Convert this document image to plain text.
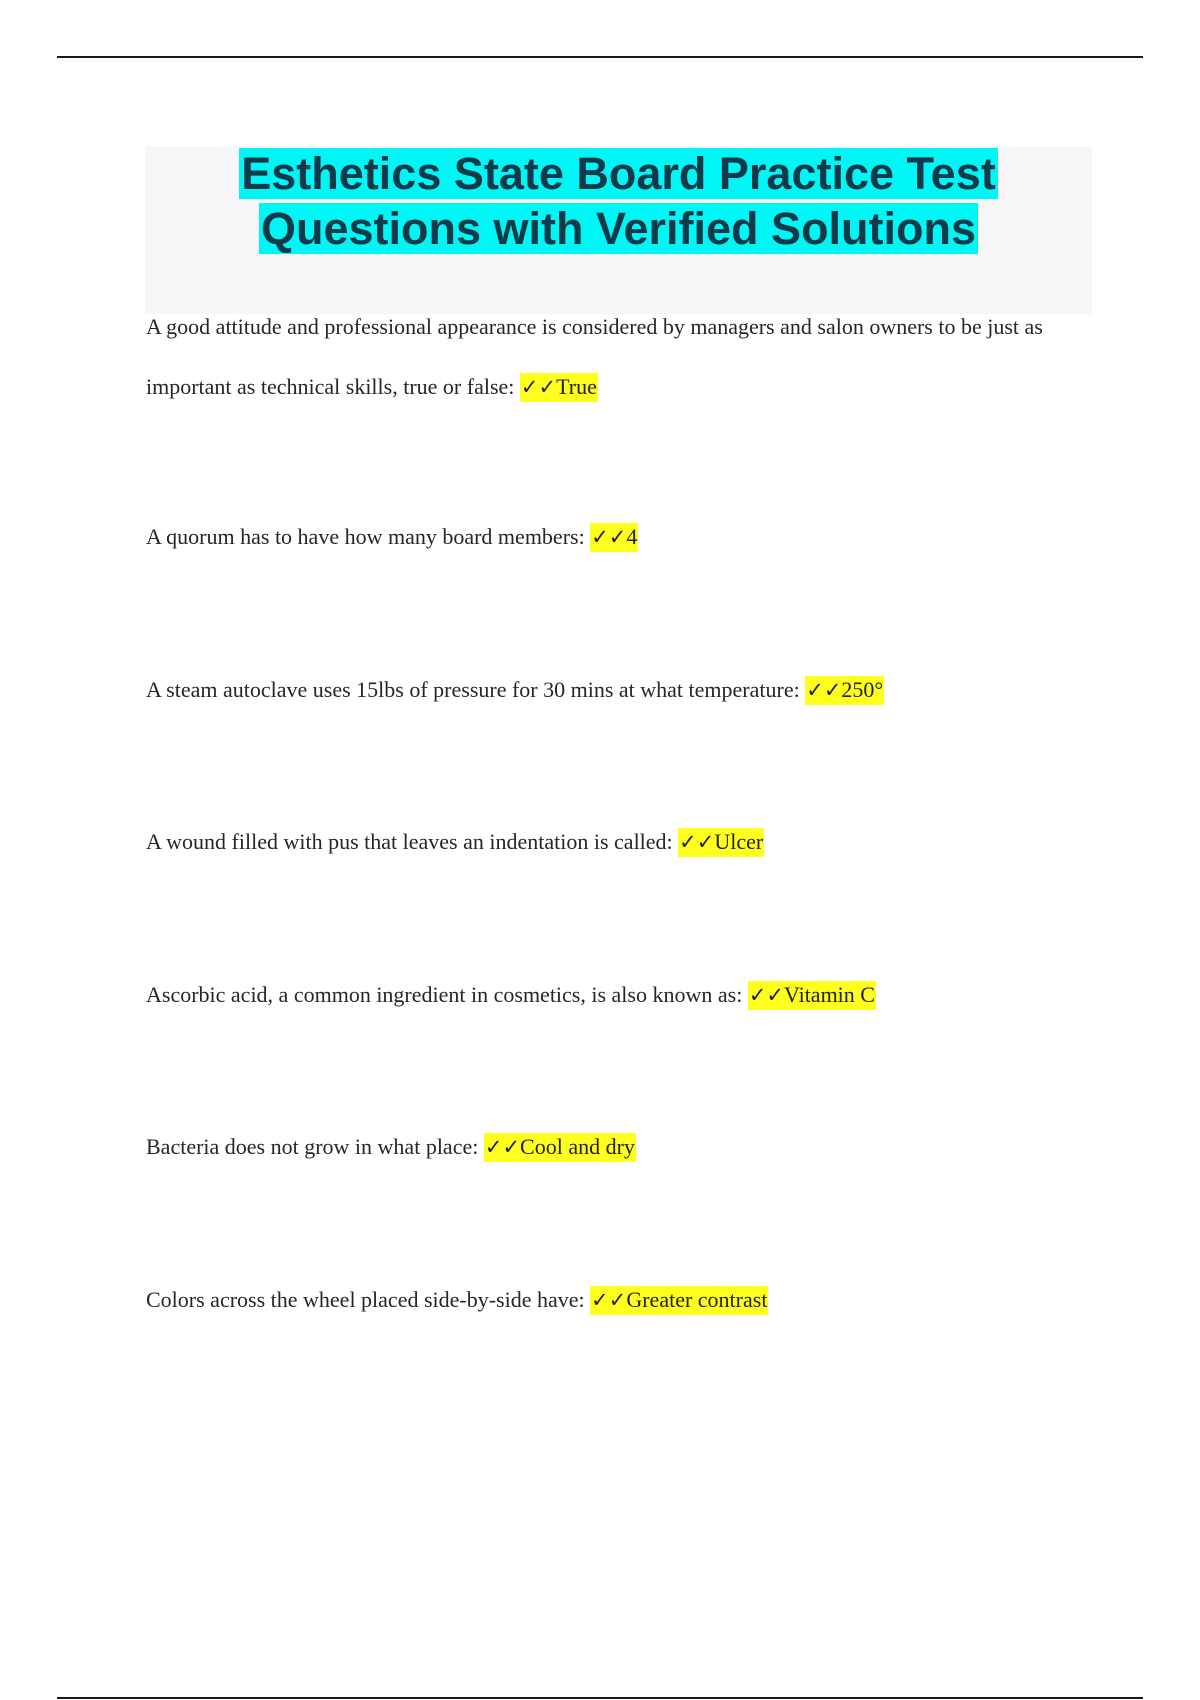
Esthetics State Board Practice Test
Questions with Verified Solutions
A good attitude and professional appearance is considered by managers and salon owners to be just as important as technical skills, true or false: ✓✓True
A quorum has to have how many board members: ✓✓4
A steam autoclave uses 15lbs of pressure for 30 mins at what temperature: ✓✓250°
A wound filled with pus that leaves an indentation is called: ✓✓Ulcer
Ascorbic acid, a common ingredient in cosmetics, is also known as: ✓✓Vitamin C
Bacteria does not grow in what place: ✓✓Cool and dry
Colors across the wheel placed side-by-side have: ✓✓Greater contrast
